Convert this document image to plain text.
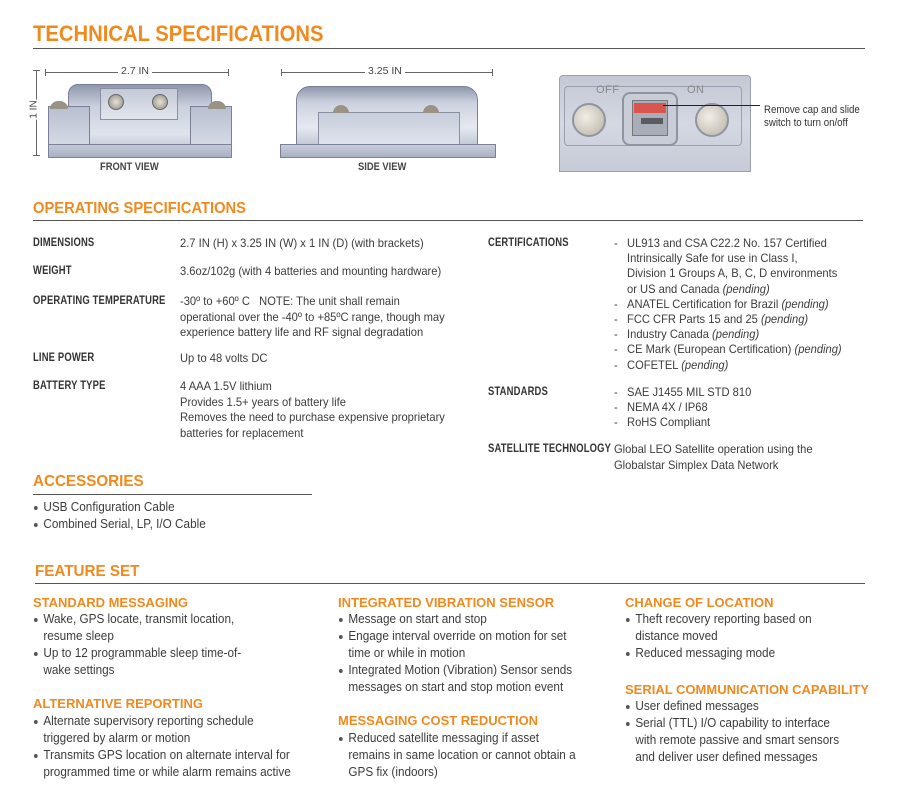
TECHNICAL SPECIFICATIONS
1 IN
2.7 IN
FRONT VIEW
3.25 IN
SIDE VIEW
OFF	ON
Remove cap and slide
switch to turn on/off
OPERATING SPECIFICATIONS
DIMENSIONS	2.7 IN (H) x 3.25 IN (W) x 1 IN (D) (with brackets)
WEIGHT	3.6oz/102g (with 4 batteries and mounting hardware)
OPERATING TEMPERATURE -30º to +60º C   NOTE: The unit shall remain
operational over the -40º to +85ºC range, though may
experience battery life and RF signal degradation
LINE POWER	Up to 48 volts DC
BATTERY TYPE	4 AAA 1.5V lithium
Provides 1.5+ years of battery life
Removes the need to purchase expensive proprietary
batteries for replacement
CERTIFICATIONS	- UL913 and CSA C22.2 No. 157 Certified
Intrinsically Safe for use in Class I,
Division 1 Groups A, B, C, D environments
or US and Canada (pending)
- ANATEL Certification for Brazil (pending)
- FCC CFR Parts 15 and 25 (pending)
- Industry Canada (pending)
- CE Mark (European Certification) (pending)
- COFETEL (pending)
STANDARDS	- SAE J1455 MIL STD 810
- NEMA 4X / IP68
- RoHS Compliant
SATELLITE TECHNOLOGY Global LEO Satellite operation using the
Globalstar Simplex Data Network
ACCESSORIES
USB Configuration Cable
Combined Serial, LP, I/O Cable
FEATURE SET
STANDARD MESSAGING
Wake, GPS locate, transmit location,
resume sleep
Up to 12 programmable sleep time-of-
wake settings
ALTERNATIVE REPORTING
Alternate supervisory reporting schedule
triggered by alarm or motion
Transmits GPS location on alternate interval for
programmed time or while alarm remains active
INTEGRATED VIBRATION SENSOR
Message on start and stop
Engage interval override on motion for set
time or while in motion
Integrated Motion (Vibration) Sensor sends
messages on start and stop motion event
MESSAGING COST REDUCTION
Reduced satellite messaging if asset
remains in same location or cannot obtain a
GPS fix (indoors)
CHANGE OF LOCATION
Theft recovery reporting based on
distance moved
Reduced messaging mode
SERIAL COMMUNICATION CAPABILITY
User defined messages
Serial (TTL) I/O capability to interface
with remote passive and smart sensors
and deliver user defined messages
